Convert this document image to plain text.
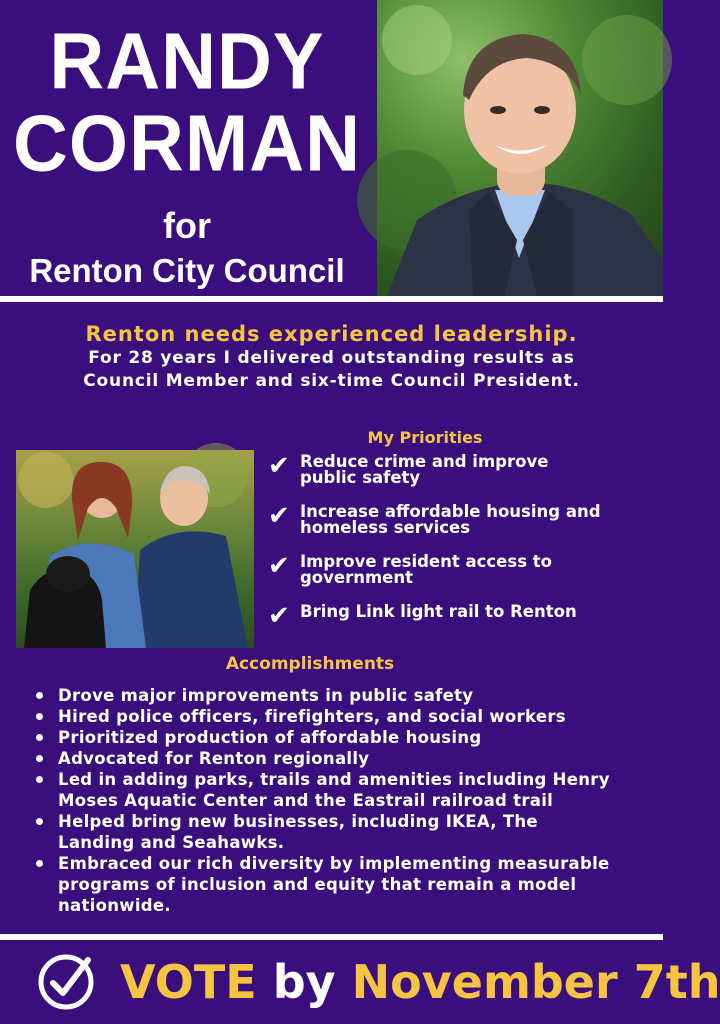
RANDY
CORMAN
for
Renton City Council
Renton needs experienced leadership.
For 28 years I delivered outstanding results as
Council Member and six-time Council President.
My Priorities
✔ Reduce crime and improve
public safety
✔ Increase affordable housing and
homeless services
✔ Improve resident access to
government
✔ Bring Link light rail to Renton
Accomplishments
Drove major improvements in public safety
Hired police officers, firefighters, and social workers
Prioritized production of affordable housing
Advocated for Renton regionally
Led in adding parks, trails and amenities including Henry
Moses Aquatic Center and the Eastrail railroad trail
Helped bring new businesses, including IKEA, The
Landing and Seahawks.
Embraced our rich diversity by implementing measurable
programs of inclusion and equity that remain a model
nationwide.
VOTE by November 7th
